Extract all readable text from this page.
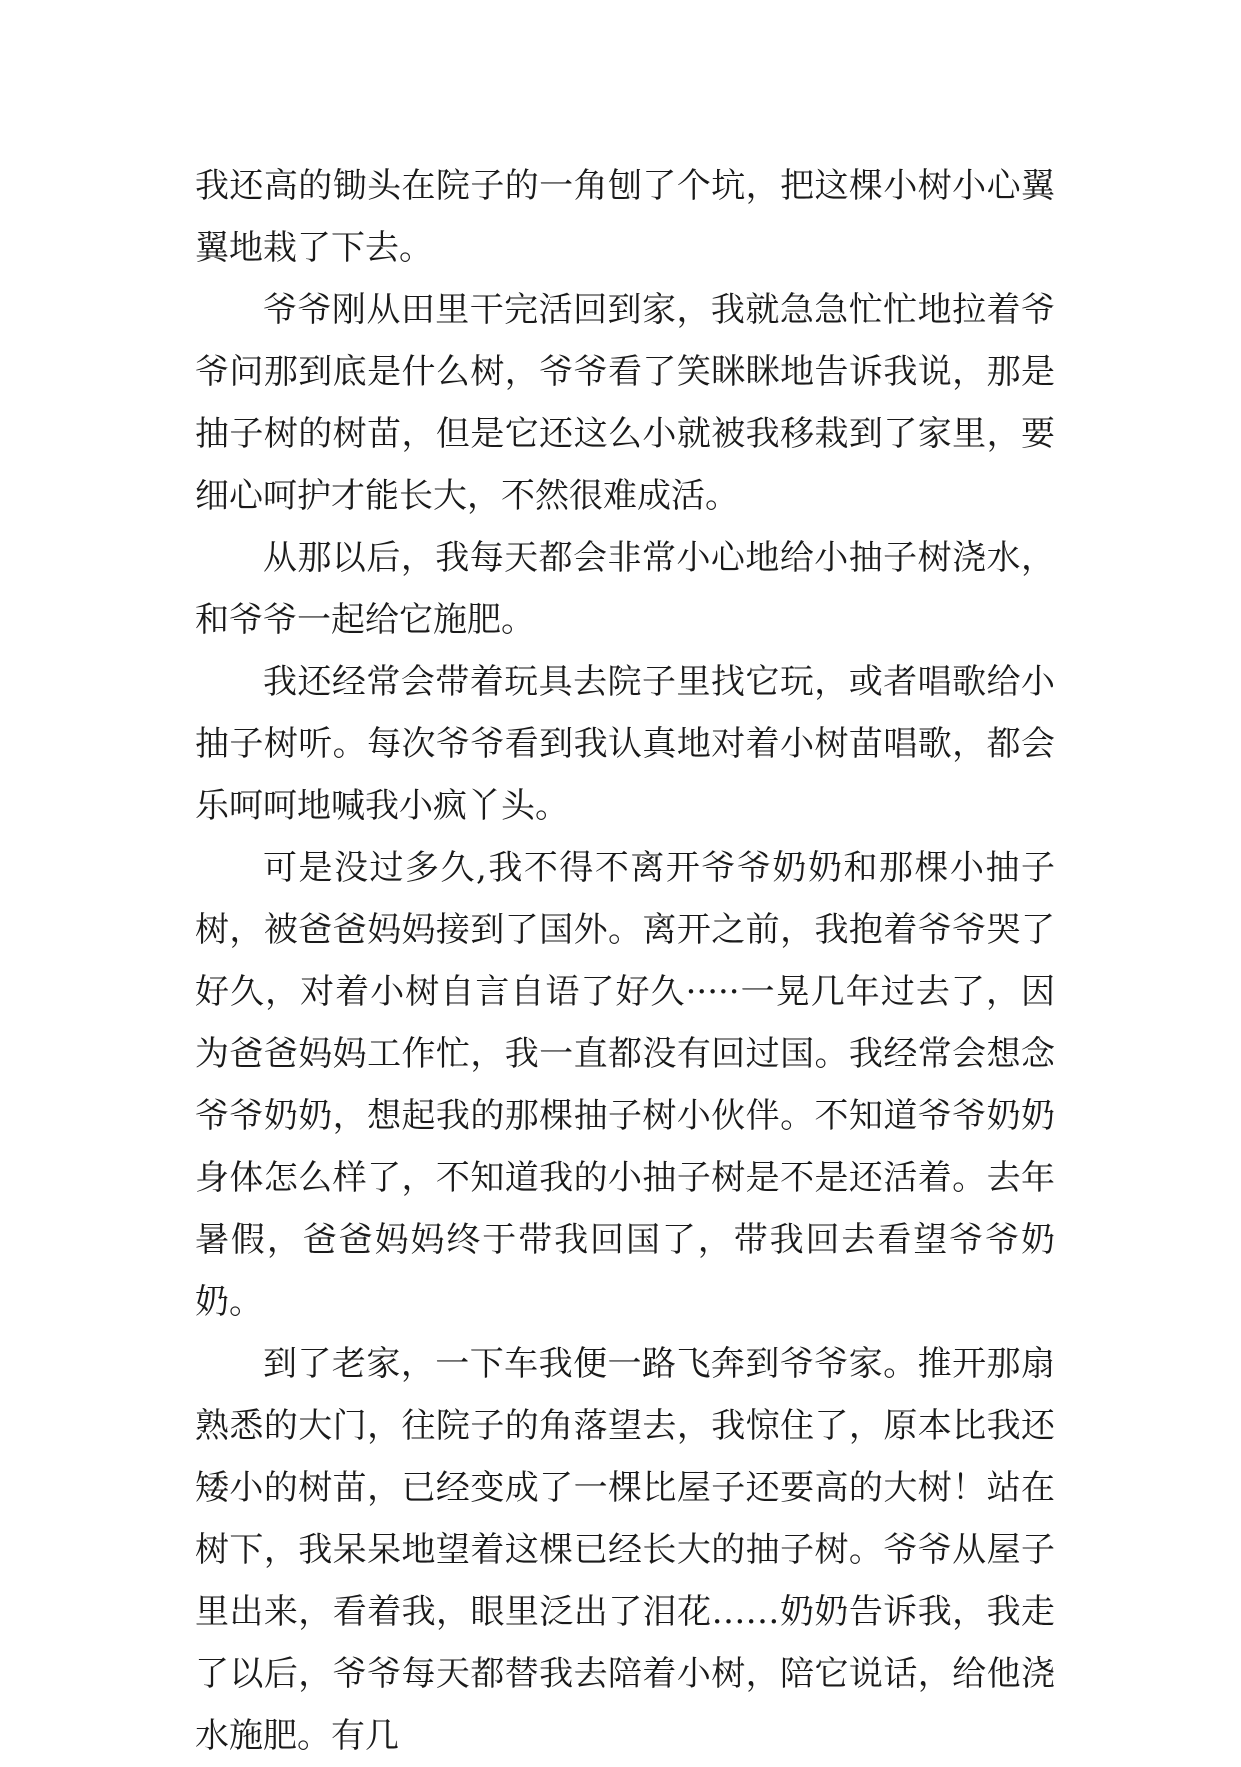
我还高的锄头在院子的一角刨了个坑，把这棵小树小心翼翼地栽了下去。

爷爷刚从田里干完活回到家，我就急急忙忙地拉着爷爷问那到底是什么树，爷爷看了笑眯眯地告诉我说，那是抽子树的树苗，但是它还这么小就被我移栽到了家里，要细心呵护才能长大，不然很难成活。

从那以后，我每天都会非常小心地给小抽子树浇水，和爷爷一起给它施肥。

我还经常会带着玩具去院子里找它玩，或者唱歌给小抽子树听。每次爷爷看到我认真地对着小树苗唱歌，都会乐呵呵地喊我小疯丫头。

可是没过多久,我不得不离开爷爷奶奶和那棵小抽子树，被爸爸妈妈接到了国外。离开之前，我抱着爷爷哭了好久，对着小树自言自语了好久·····一晃几年过去了，因为爸爸妈妈工作忙，我一直都没有回过国。我经常会想念爷爷奶奶，想起我的那棵抽子树小伙伴。不知道爷爷奶奶身体怎么样了，不知道我的小抽子树是不是还活着。去年暑假，爸爸妈妈终于带我回国了，带我回去看望爷爷奶奶。

到了老家，一下车我便一路飞奔到爷爷家。推开那扇熟悉的大门，往院子的角落望去，我惊住了，原本比我还矮小的树苗，已经变成了一棵比屋子还要高的大树！站在树下，我呆呆地望着这棵已经长大的抽子树。爷爷从屋子里出来，看着我，眼里泛出了泪花……奶奶告诉我，我走了以后，爷爷每天都替我去陪着小树，陪它说话，给他浇水施肥。有几
